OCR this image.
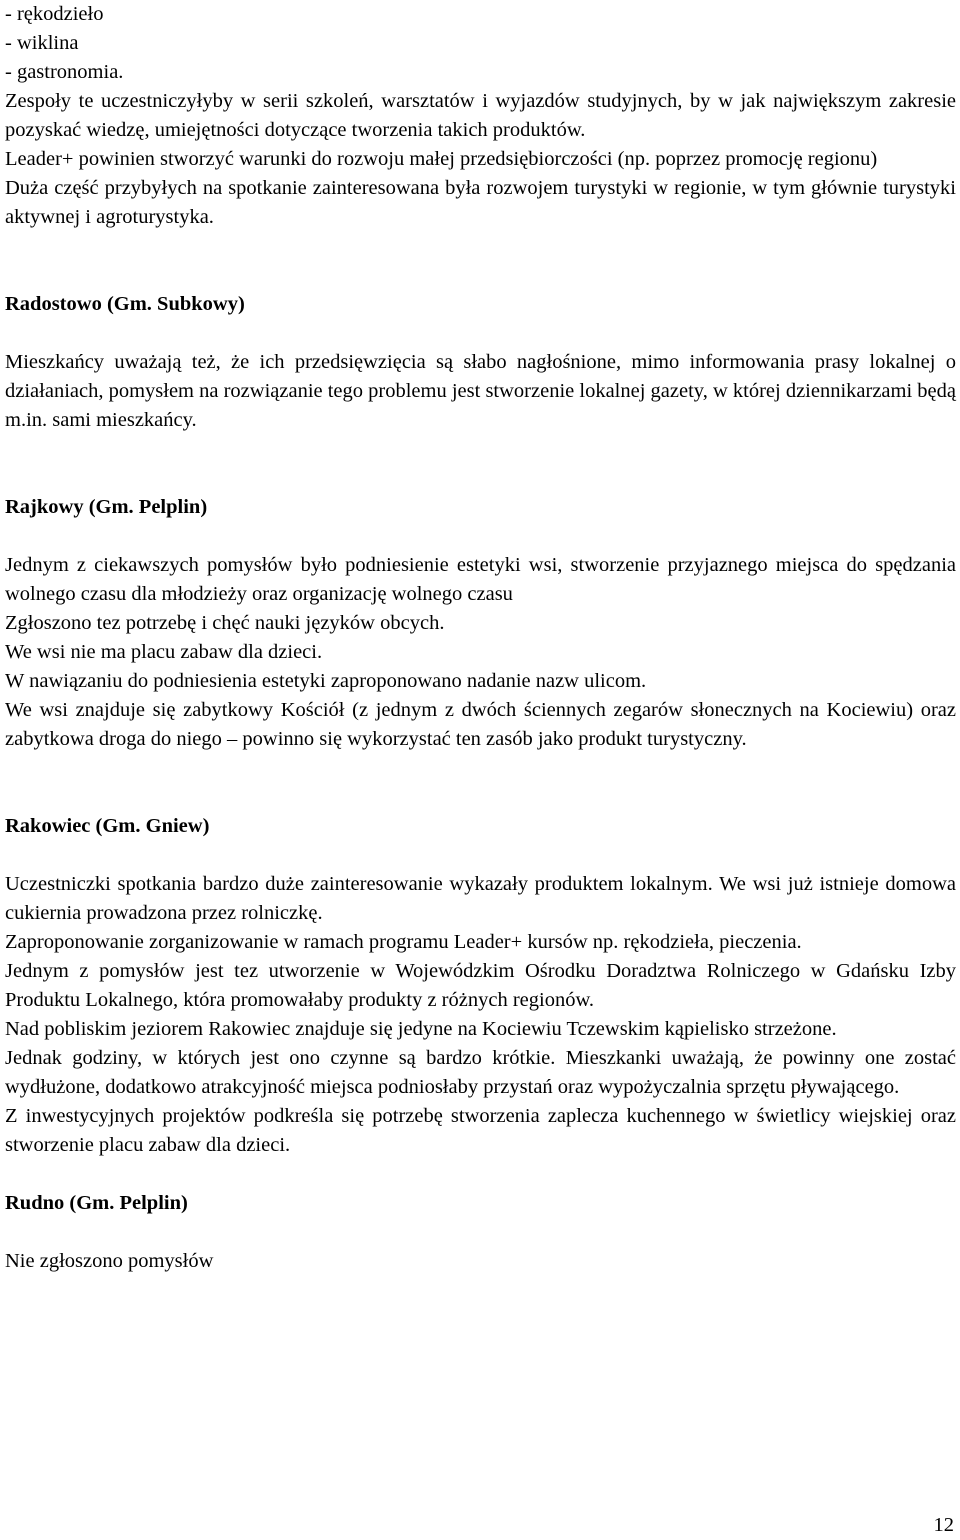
- rękodzieło

- wiklina

- gastronomia.

Zespoły te uczestniczyłyby w serii szkoleń, warsztatów i wyjazdów studyjnych, by w jak największym zakresie pozyskać wiedzę, umiejętności dotyczące tworzenia takich produktów.

Leader+ powinien stworzyć warunki do rozwoju małej przedsiębiorczości (np. poprzez promocję regionu)

Duża część przybyłych na spotkanie zainteresowana była rozwojem turystyki w regionie, w tym głównie turystyki aktywnej i agroturystyka.

Radostowo (Gm. Subkowy)

Mieszkańcy uważają też, że ich przedsięwzięcia są słabo nagłośnione, mimo informowania prasy lokalnej o działaniach, pomysłem na rozwiązanie tego problemu jest stworzenie lokalnej gazety, w której dziennikarzami będą m.in. sami mieszkańcy.

Rajkowy (Gm. Pelplin)

Jednym z ciekawszych pomysłów było podniesienie estetyki wsi, stworzenie przyjaznego miejsca do spędzania wolnego czasu dla młodzieży oraz organizację wolnego czasu

Zgłoszono tez potrzebę i chęć nauki języków obcych.

We wsi nie ma placu zabaw dla dzieci.

W nawiązaniu do podniesienia estetyki zaproponowano nadanie nazw ulicom.

We wsi znajduje się zabytkowy Kościół (z jednym z dwóch ściennych zegarów słonecznych na Kociewiu) oraz zabytkowa droga do niego – powinno się wykorzystać ten zasób jako produkt turystyczny.

Rakowiec (Gm. Gniew)

Uczestniczki spotkania bardzo duże zainteresowanie wykazały produktem lokalnym. We wsi już istnieje domowa cukiernia prowadzona przez rolniczkę.

Zaproponowanie zorganizowanie w ramach programu Leader+ kursów np. rękodzieła, pieczenia.

Jednym z pomysłów jest tez utworzenie w Wojewódzkim Ośrodku Doradztwa Rolniczego w Gdańsku Izby Produktu Lokalnego, która promowałaby produkty z różnych regionów.

Nad pobliskim jeziorem Rakowiec znajduje się jedyne na Kociewiu Tczewskim kąpielisko strzeżone.

Jednak godziny, w których jest ono czynne są bardzo krótkie. Mieszkanki uważają, że powinny one zostać wydłużone, dodatkowo atrakcyjność miejsca podniosłaby przystań oraz wypożyczalnia sprzętu pływającego.

Z inwestycyjnych projektów podkreśla się potrzebę stworzenia zaplecza kuchennego w świetlicy wiejskiej oraz stworzenie placu zabaw dla dzieci.

Rudno (Gm. Pelplin)

Nie zgłoszono pomysłów

12
